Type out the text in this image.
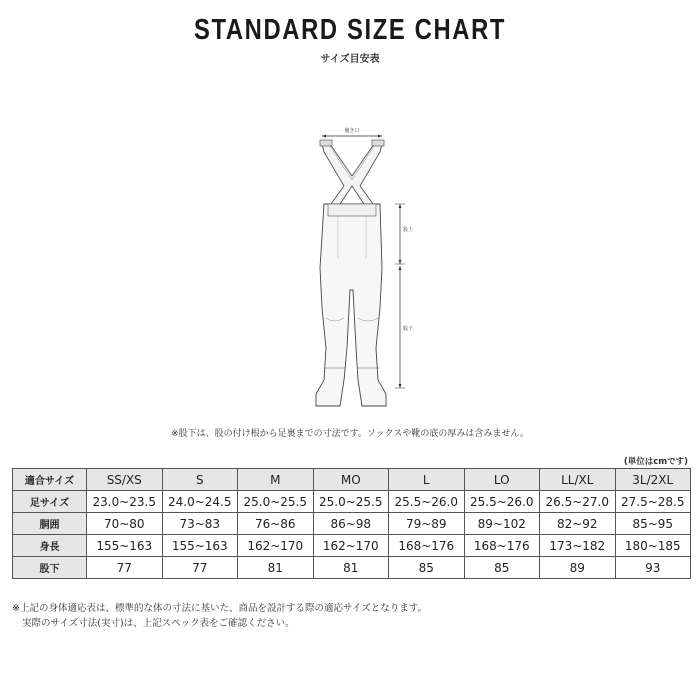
STANDARD SIZE CHART
サイズ目安表
履き口
股上
股下
※股下は、股の付け根から足裏までの寸法です。ソックスや靴の底の厚みは含みません。
(単位はcmです)
適合サイズ	SS/XS	S	M	MO	L	LO	LL/XL	3L/2XL
足サイズ	23.0~23.5	24.0~24.5	25.0~25.5	25.0~25.5	25.5~26.0	25.5~26.0	26.5~27.0	27.5~28.5
胴囲	70~80	73~83	76~86	86~98	79~89	89~102	82~92	85~95
身長	155~163	155~163	162~170	162~170	168~176	168~176	173~182	180~185
股下	77	77	81	81	85	85	89	93
※上記の身体適応表は、標準的な体の寸法に基いた、商品を設計する際の適応サイズとなります。
実際のサイズ寸法(実寸)は、上記スペック表をご確認ください。
